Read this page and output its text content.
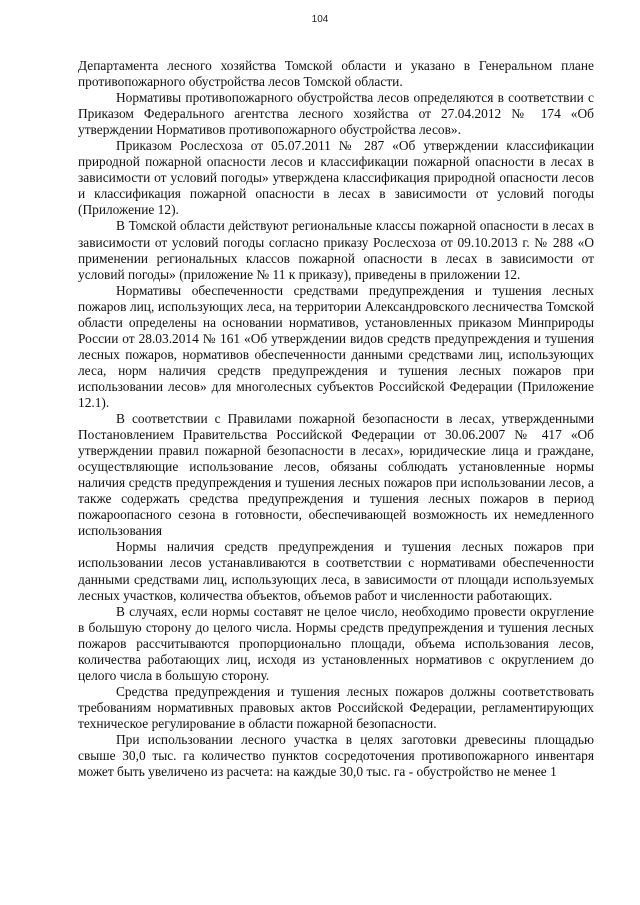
104

Департамента лесного хозяйства Томской области и указано в Генеральном плане противопожарного обустройства лесов Томской области.

Нормативы противопожарного обустройства лесов определяются в соответствии с Приказом Федерального агентства лесного хозяйства от 27.04.2012 № 174 «Об утверждении Нормативов противопожарного обустройства лесов».

Приказом Рослесхоза от 05.07.2011 № 287 «Об утверждении классификации природной пожарной опасности лесов и классификации пожарной опасности в лесах в зависимости от условий погоды» утверждена классификация природной опасности лесов и классификация пожарной опасности в лесах в зависимости от условий погоды (Приложение 12).

В Томской области действуют региональные классы пожарной опасности в лесах в зависимости от условий погоды согласно приказу Рослесхоза от 09.10.2013 г. № 288 «О применении региональных классов пожарной опасности в лесах в зависимости от условий погоды» (приложение № 11 к приказу), приведены в приложении 12.

Нормативы обеспеченности средствами предупреждения и тушения лесных пожаров лиц, использующих леса, на территории Александровского лесничества Томской области определены на основании нормативов, установленных приказом Минприроды России от 28.03.2014 № 161 «Об утверждении видов средств предупреждения и тушения лесных пожаров, нормативов обеспеченности данными средствами лиц, использующих леса, норм наличия средств предупреждения и тушения лесных пожаров при использовании лесов» для многолесных субъектов Российской Федерации (Приложение 12.1).

В соответствии с Правилами пожарной безопасности в лесах, утвержденными Постановлением Правительства Российской Федерации от 30.06.2007 № 417 «Об утверждении правил пожарной безопасности в лесах», юридические лица и граждане, осуществляющие использование лесов, обязаны соблюдать установленные нормы наличия средств предупреждения и тушения лесных пожаров при использовании лесов, а также содержать средства предупреждения и тушения лесных пожаров в период пожароопасного сезона в готовности, обеспечивающей возможность их немедленного использования

Нормы наличия средств предупреждения и тушения лесных пожаров при использовании лесов устанавливаются в соответствии с нормативами обеспеченности данными средствами лиц, использующих леса, в зависимости от площади используемых лесных участков, количества объектов, объемов работ и численности работающих.

В случаях, если нормы составят не целое число, необходимо провести округление в большую сторону до целого числа. Нормы средств предупреждения и тушения лесных пожаров рассчитываются пропорционально площади, объема использования лесов, количества работающих лиц, исходя из установленных нормативов с округлением до целого числа в большую сторону.

Средства предупреждения и тушения лесных пожаров должны соответствовать требованиям нормативных правовых актов Российской Федерации, регламентирующих техническое регулирование в области пожарной безопасности.

При использовании лесного участка в целях заготовки древесины площадью свыше 30,0 тыс. га количество пунктов сосредоточения противопожарного инвентаря может быть увеличено из расчета: на каждые 30,0 тыс. га - обустройство не менее 1
